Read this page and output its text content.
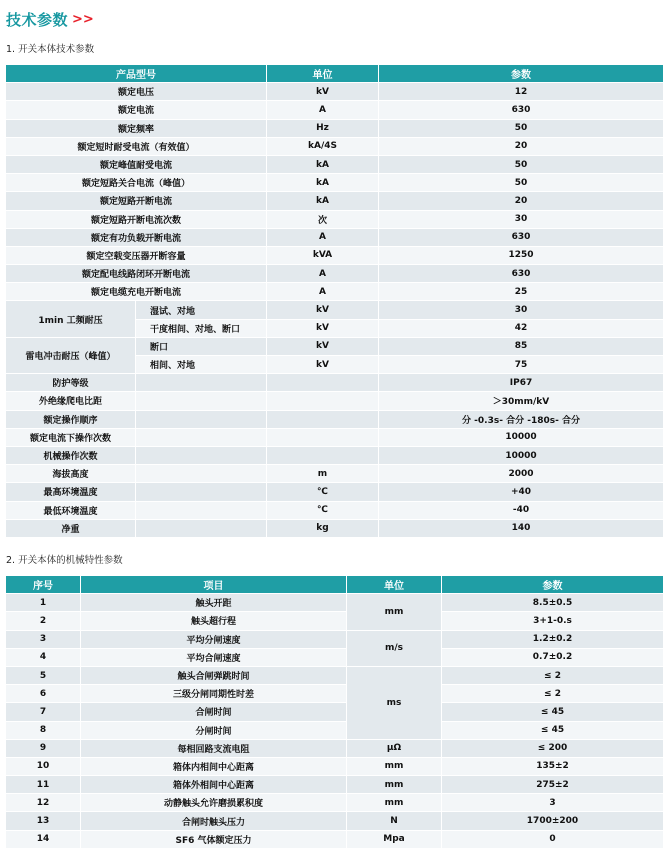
技术参数 >>
1. 开关本体技术参数
产品型号		单位	参数
额定电压		kV	12
额定电流		A	630
额定频率		Hz	50
额定短时耐受电流（有效值）		kA/4S	20
额定峰值耐受电流		kA	50
额定短路关合电流（峰值）		kA	50
额定短路开断电流		kA	20
额定短路开断电流次数		次	30
额定有功负载开断电流		A	630
额定空载变压器开断容量		kVA	1250
额定配电线路闭环开断电流		A	630
额定电缆充电开断电流		A	25
1min 工频耐压	湿试、对地	kV	30
	干度相间、对地、断口	kV	42
雷电冲击耐压（峰值）	断口	kV	85
	相间、对地	kV	75
防护等级			IP67
外绝缘爬电比距			＞30mm/kV
额定操作顺序			分 -0.3s- 合分 -180s- 合分
额定电流下操作次数			10000
机械操作次数			10000
海拔高度		m	2000
最高环境温度		℃	+40
最低环境温度		℃	-40
净重		kg	140
2. 开关本体的机械特性参数
序号	项目	单位	参数
1	触头开距	mm	8.5±0.5
2	触头超行程		3+1-0.s
3	平均分闸速度	m/s	1.2±0.2
4	平均合闸速度		0.7±0.2
5	触头合闸弹跳时间	ms	≤ 2
6	三级分闸同期性时差		≤ 2
7	合闸时间		≤ 45
8	分闸时间		≤ 45
9	每相回路支流电阻	μΩ	≤ 200
10	箱体内相间中心距离	mm	135±2
11	箱体外相间中心距离	mm	275±2
12	动静触头允许磨损累积度	mm	3
13	合闸时触头压力	N	1700±200
14	SF6 气体额定压力	Mpa	0
